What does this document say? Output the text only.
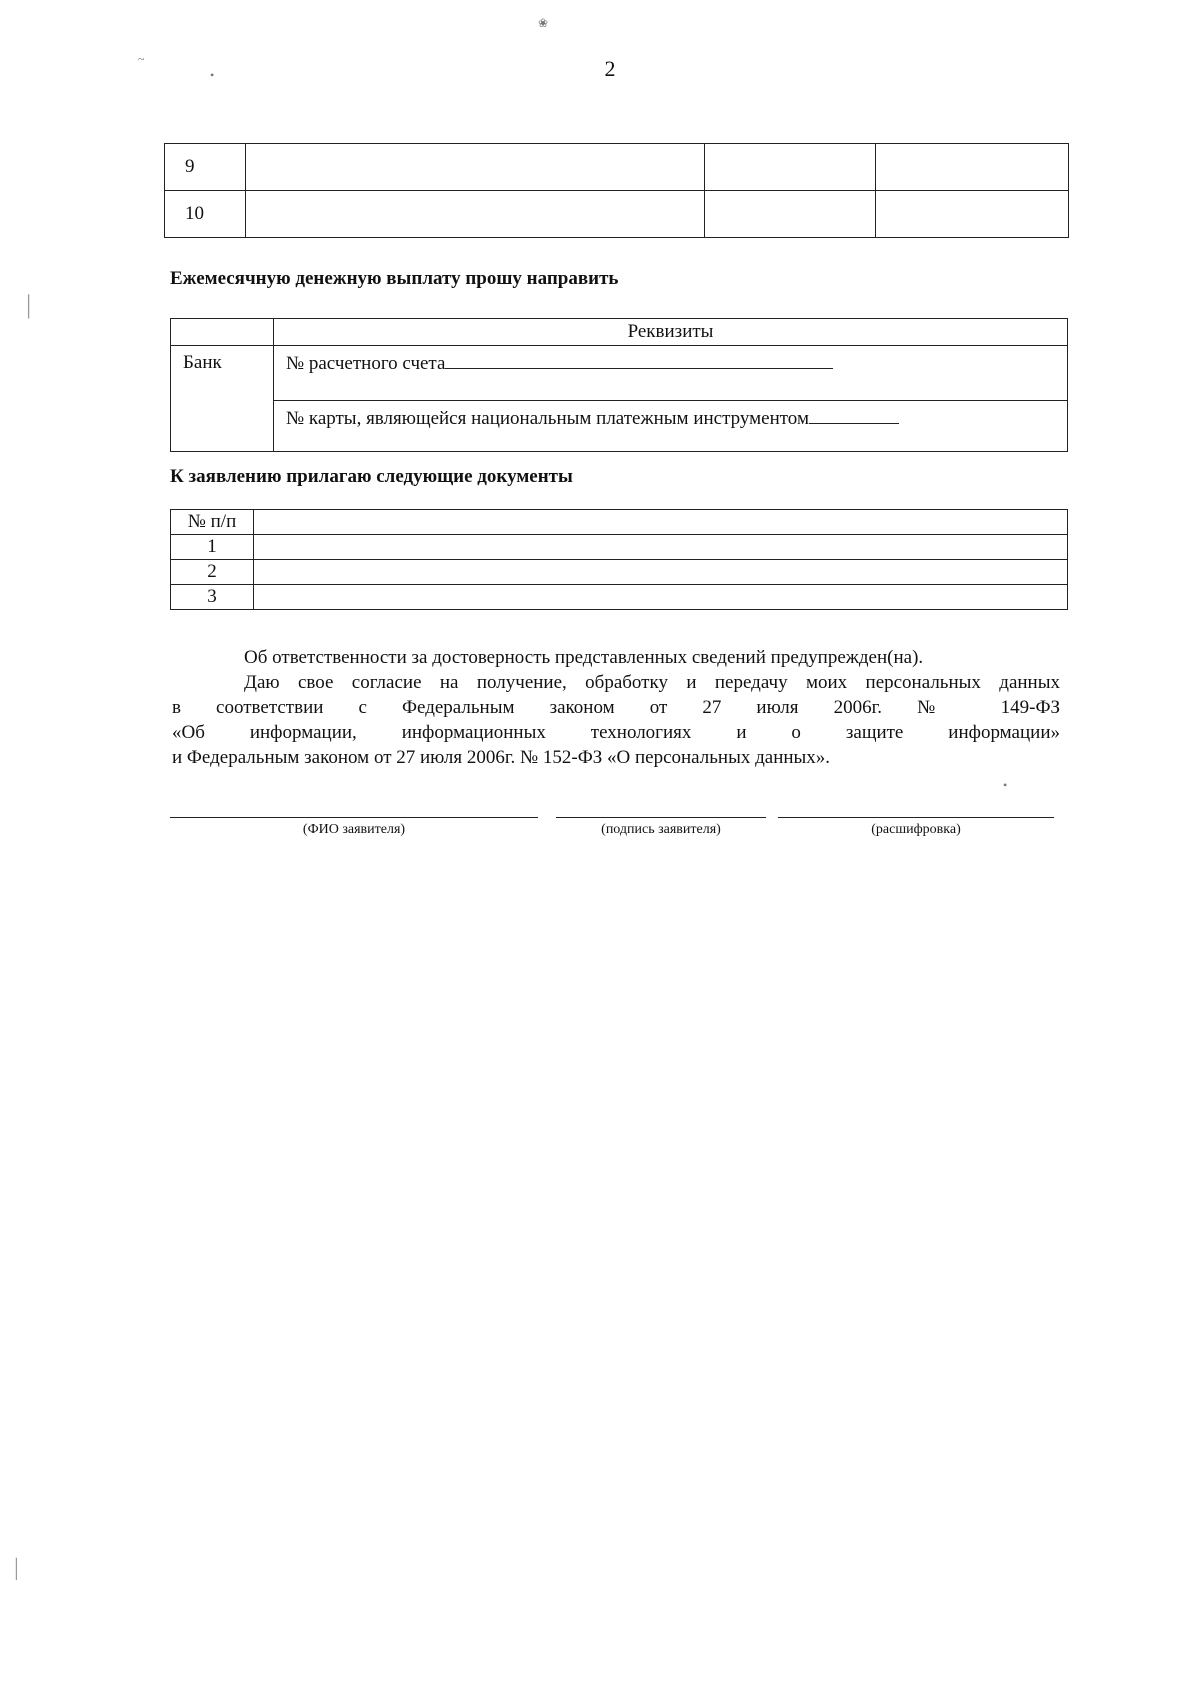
❀
~
•
|
|
2
9			
10			
Ежемесячную денежную выплату прошу направить
	Реквизиты
Банк	№ расчетного счета
	№ карты, являющейся национальным платежным инструментом
К заявлению прилагаю следующие документы
№ п/п	
1	
2	
3	
Об ответственности за достоверность представленных сведений предупрежден(на).
Даю свое согласие на получение, обработку и передачу моих персональных данных
в соответствии с Федеральным законом от 27 июля 2006г. № 149-ФЗ
«Об информации, информационных технологиях и о защите информации»
и Федеральным законом от 27 июля 2006г. № 152-ФЗ «О персональных данных».
•
(ФИО заявителя)	(подпись заявителя)	(расшифровка)
